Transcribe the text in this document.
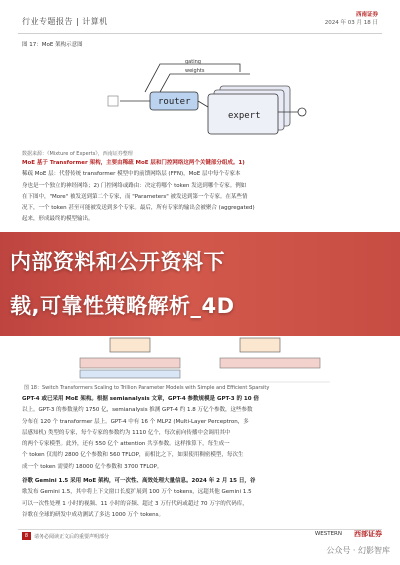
行业专题报告 | 计算机
西南证券
2024 年 03 月 18 日
图 17：MoE 架构示意图
gating
weights
router
expert
数据来源：《Mixture of Experts》，西南证券整理
MoE 基于 Transformer 架构，主要由稀疏 MoE 层和门控网络这两个关键部分组成。1)
稀疏 MoE 层：代替传统 transformer 模型中的前馈网络层 (FFN)，MoE 层中每个专家本
身也是一个独立的神经网络；2) 门控网络或路由：决定将哪个 token 发送到哪个专家。例如
在下图中，"More" 被发送到第二个专家，而 "Parameters" 被发送到第一个专家。在某些情
况下，一个 token 甚至可能被发送到多个专家。最后，所有专家的输出会被聚合 (aggregated)
起来，形成最终的模型输出。
内部资料和公开资料下
载,可靠性策略解析_4D
图 18：Switch Transformers Scaling to Trillion Parameter Models with Simple and Efficient Sparsity
GPT-4 或已采用 MoE 架构。根据 semianalysis 文章，GPT-4 参数规模是 GPT-3 的 10 倍
以上。GPT-3 的参数量约 1750 亿，semianalysis 推测 GPT-4 约 1.8 万亿个参数，这些参数
分布在 120 个 transformer 层上。GPT-4 中有 16 个 MLP2 (Multi-Layer Perceptron，多
层感知机) 类型的专家，每个专家的参数约为 1110 亿个，每次前向传播中会调用其中
的两个专家模型。此外，还有 550 亿个 attention 共享参数。这样推算下，每生成一
个 token 仅需约 2800 亿个参数和 560 TFLOP，而相比之下，如果使用稠密模型，每次生
成一个 token 需要约 18000 亿个参数和 3700 TFLOP。
谷歌 Gemini 1.5 采用 MoE 架构，可一次性、高效处理大量信息。2024 年 2 月 15 日，谷
歌发布 Gemini 1.5，其中将上下文窗口长度扩展到 100 万个 tokens，远超其他 Gemini 1.5
可以一次性处理 1 小时的视频、11 小时的音频、超过 3 万行代码或超过 70 万字的代码库，
谷歌在全球的研发中成功测试了多达 1000 万个 tokens。
8	请务必阅读正文后的重要声明部分	WESTERN 西部证券
公众号 · 幻影智库
